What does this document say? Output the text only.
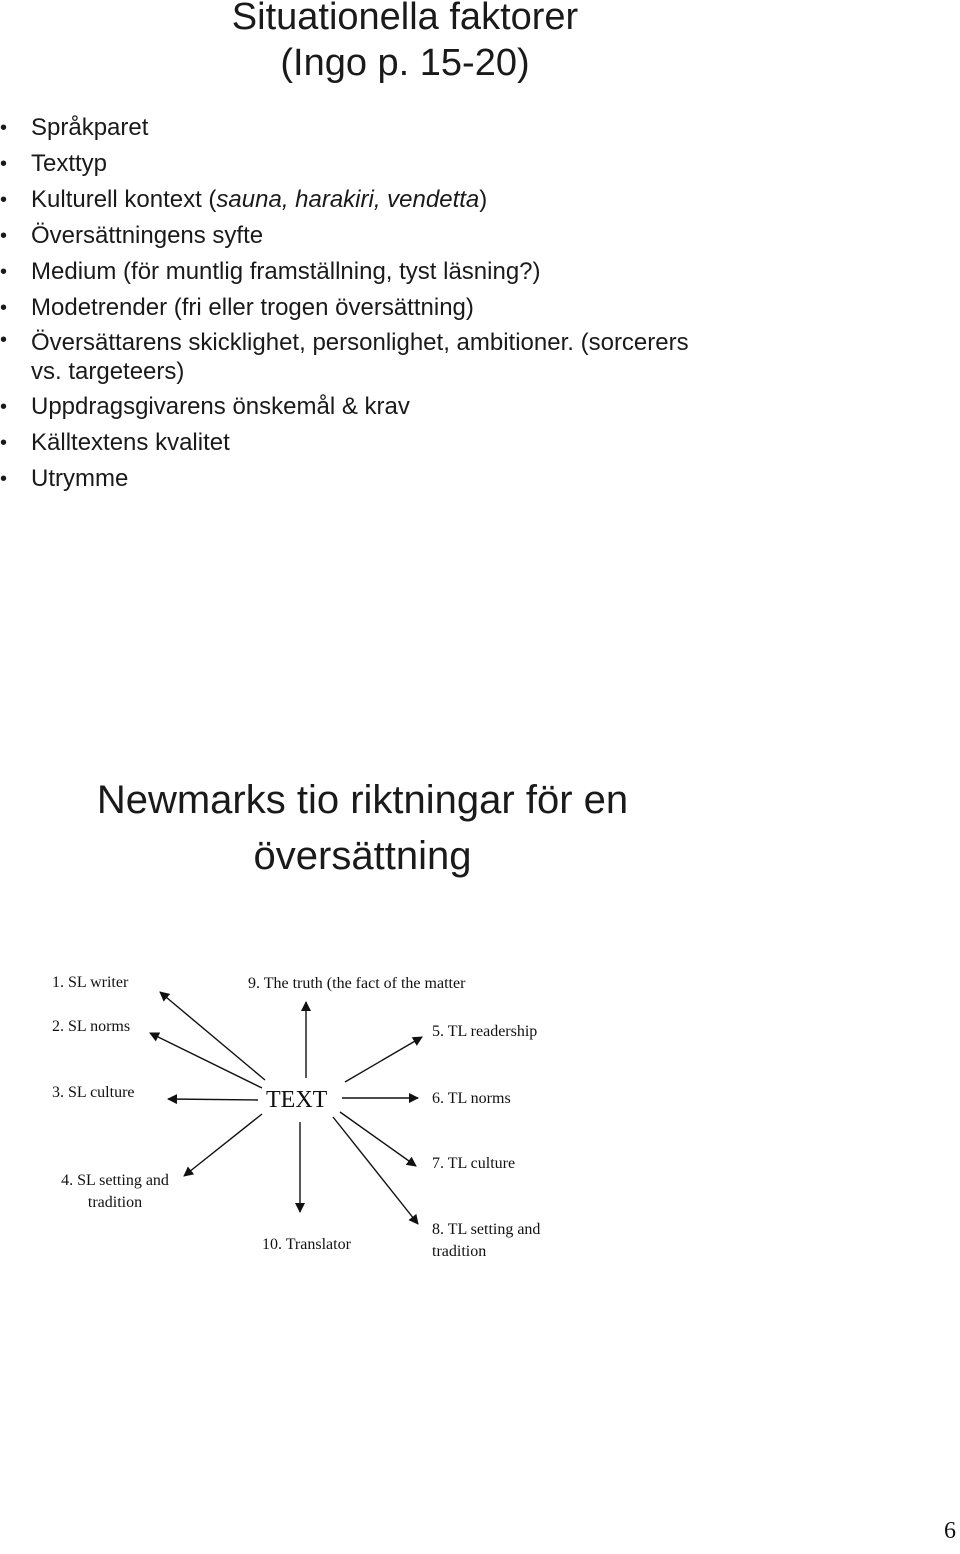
Situationella faktorer
(Ingo p. 15-20)
• Språkparet
• Texttyp
• Kulturell kontext (sauna, harakiri, vendetta)
• Översättningens syfte
• Medium (för muntlig framställning, tyst läsning?)
• Modetrender (fri eller trogen översättning)
• Översättarens skicklighet, personlighet, ambitioner. (sorcerers vs. targeteers)
• Uppdragsgivarens önskemål & krav
• Källtextens kvalitet
• Utrymme
Newmarks tio riktningar för en
översättning
1. SL writer
2. SL norms
3. SL culture
4. SL setting and
tradition
TEXT
9. The truth (the fact of the matter
5. TL readership
6. TL norms
7. TL culture
8. TL setting and
tradition
10. Translator
6
